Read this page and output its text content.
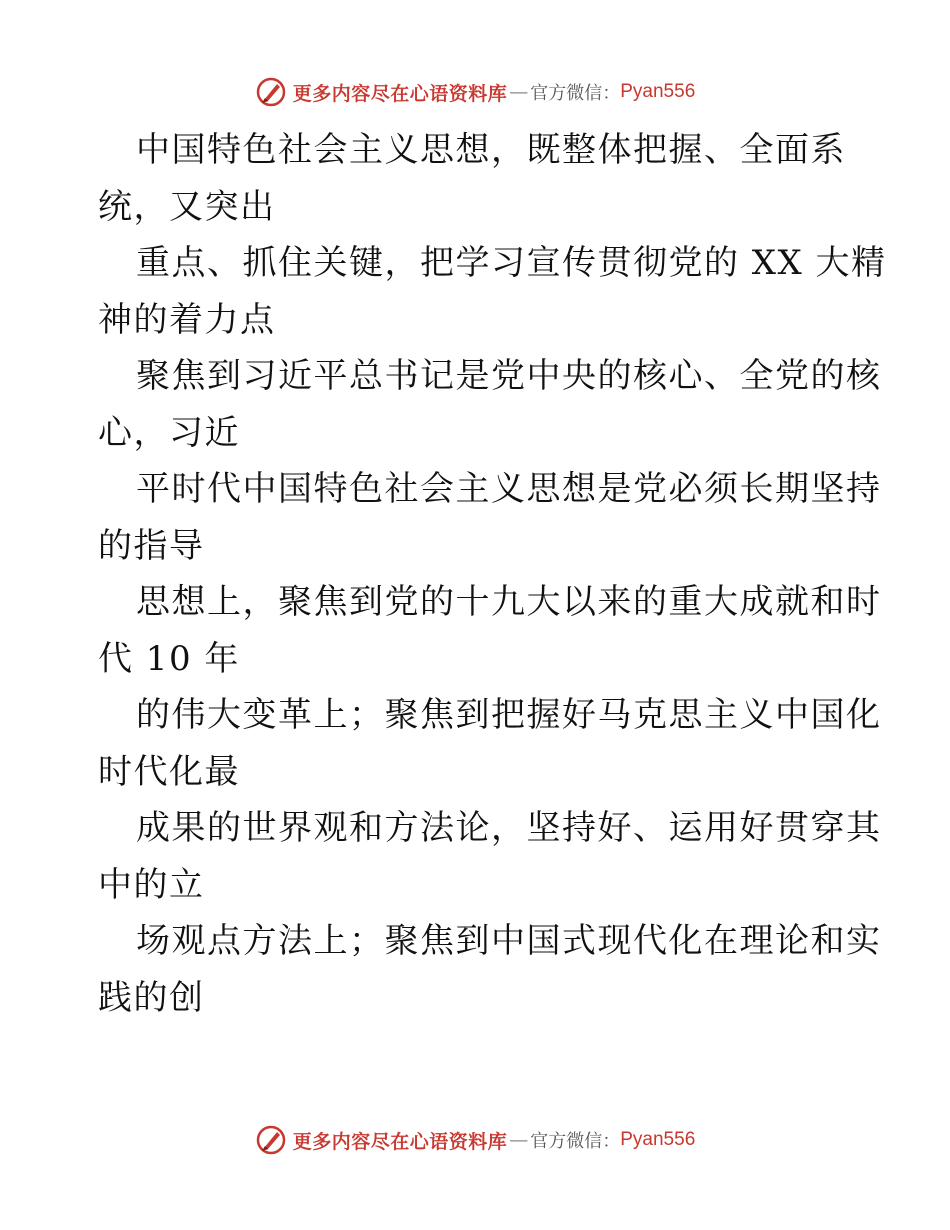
更多内容尽在心语资料库 — 官方微信： Pyan556
中国特色社会主义思想，既整体把握、全面系
统，又突出
重点、抓住关键，把学习宣传贯彻党的 XX 大精
神的着力点
聚焦到习近平总书记是党中央的核心、全党的核
心，习近
平时代中国特色社会主义思想是党必须长期坚持
的指导
思想上，聚焦到党的十九大以来的重大成就和时
代 10 年
的伟大变革上；聚焦到把握好马克思主义中国化
时代化最
成果的世界观和方法论，坚持好、运用好贯穿其
中的立
场观点方法上；聚焦到中国式现代化在理论和实
践的创
更多内容尽在心语资料库 — 官方微信： Pyan556
